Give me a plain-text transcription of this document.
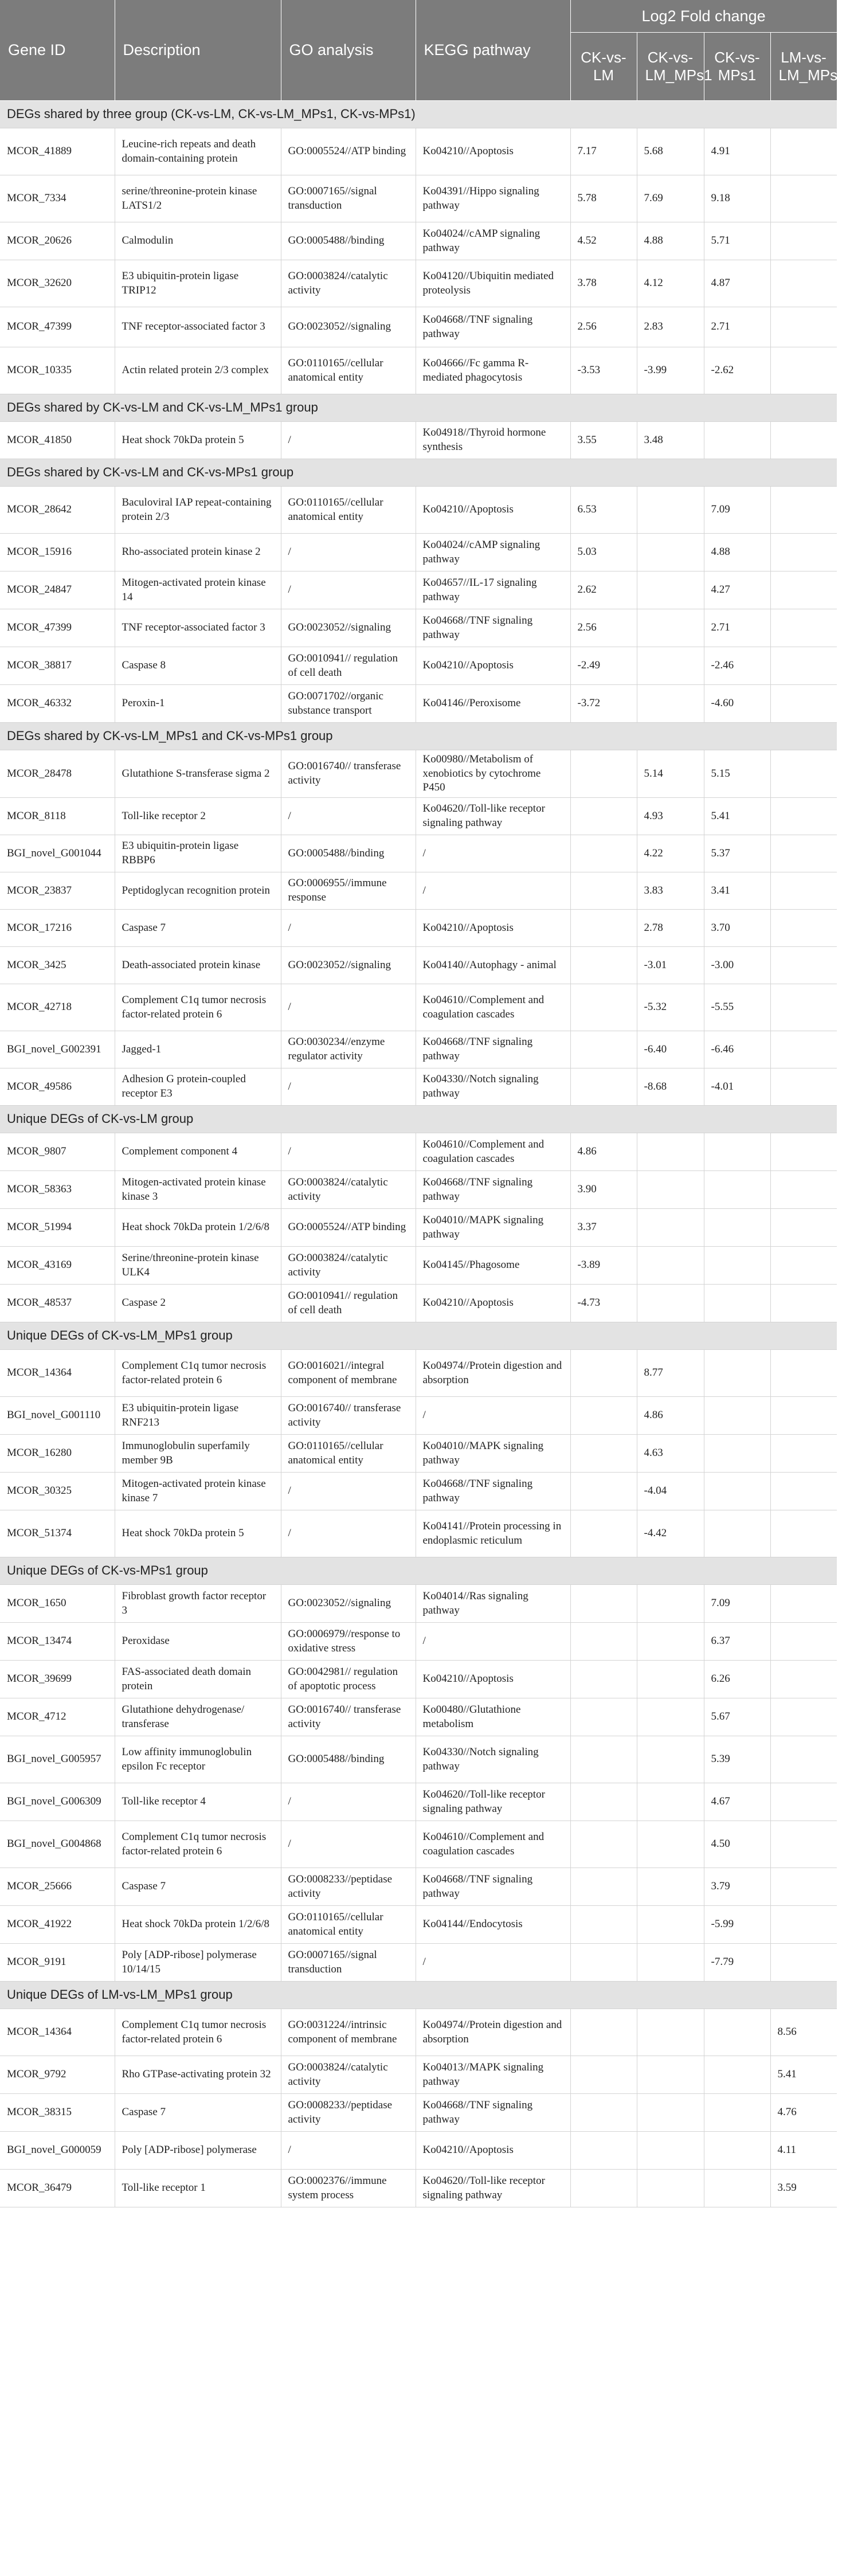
Gene ID	Description	GO analysis	KEGG pathway	Log2 Fold change			
				CK-vs-LM	CK-vs-LM_MPs1	CK-vs-MPs1	LM-vs-LM_MPs1
DEGs shared by three group (CK-vs-LM, CK-vs-LM_MPs1, CK-vs-MPs1)							
MCOR_41889	Leucine-rich repeats and death domain-containing protein	GO:0005524//ATP binding	Ko04210//Apoptosis	7.17	5.68	4.91	
MCOR_7334	serine/threonine-protein kinase LATS1/2	GO:0007165//signal transduction	Ko04391//Hippo signaling pathway	5.78	7.69	9.18	
MCOR_20626	Calmodulin	GO:0005488//binding	Ko04024//cAMP signaling pathway	4.52	4.88	5.71	
MCOR_32620	E3 ubiquitin-protein ligase TRIP12	GO:0003824//catalytic activity	Ko04120//Ubiquitin mediated proteolysis	3.78	4.12	4.87	
MCOR_47399	TNF receptor-associated factor 3	GO:0023052//signaling	Ko04668//TNF signaling pathway	2.56	2.83	2.71	
MCOR_10335	Actin related protein 2/3 complex	GO:0110165//cellular anatomical entity	Ko04666//Fc gamma R-mediated phagocytosis	-3.53	-3.99	-2.62	
DEGs shared by CK-vs-LM and CK-vs-LM_MPs1 group							
MCOR_41850	Heat shock 70kDa protein 5	/	Ko04918//Thyroid hormone synthesis	3.55	3.48		
DEGs shared by CK-vs-LM and CK-vs-MPs1 group							
MCOR_28642	Baculoviral IAP repeat-containing protein 2/3	GO:0110165//cellular anatomical entity	Ko04210//Apoptosis	6.53		7.09	
MCOR_15916	Rho-associated protein kinase 2	/	Ko04024//cAMP signaling pathway	5.03		4.88	
MCOR_24847	Mitogen-activated protein kinase 14	/	Ko04657//IL-17 signaling pathway	2.62		4.27	
MCOR_47399	TNF receptor-associated factor 3	GO:0023052//signaling	Ko04668//TNF signaling pathway	2.56		2.71	
MCOR_38817	Caspase 8	GO:0010941// regulation of cell death	Ko04210//Apoptosis	-2.49		-2.46	
MCOR_46332	Peroxin-1	GO:0071702//organic substance transport	Ko04146//Peroxisome	-3.72		-4.60	
DEGs shared by CK-vs-LM_MPs1 and CK-vs-MPs1 group							
MCOR_28478	Glutathione S-transferase sigma 2	GO:0016740// transferase activity	Ko00980//Metabolism of xenobiotics by cytochrome P450		5.14	5.15	
MCOR_8118	Toll-like receptor 2	/	Ko04620//Toll-like receptor signaling pathway		4.93	5.41	
BGI_novel_G001044	E3 ubiquitin-protein ligase RBBP6	GO:0005488//binding	/		4.22	5.37	
MCOR_23837	Peptidoglycan recognition protein	GO:0006955//immune response	/		3.83	3.41	
MCOR_17216	Caspase 7	/	Ko04210//Apoptosis		2.78	3.70	
MCOR_3425	Death-associated protein kinase	GO:0023052//signaling	Ko04140//Autophagy - animal		-3.01	-3.00	
MCOR_42718	Complement C1q tumor necrosis factor-related protein 6	/	Ko04610//Complement and coagulation cascades		-5.32	-5.55	
BGI_novel_G002391	Jagged-1	GO:0030234//enzyme regulator activity	Ko04668//TNF signaling pathway		-6.40	-6.46	
MCOR_49586	Adhesion G protein-coupled receptor E3	/	Ko04330//Notch signaling pathway		-8.68	-4.01	
Unique DEGs of CK-vs-LM group							
MCOR_9807	Complement component 4	/	Ko04610//Complement and coagulation cascades	4.86			
MCOR_58363	Mitogen-activated protein kinase kinase 3	GO:0003824//catalytic activity	Ko04668//TNF signaling pathway	3.90			
MCOR_51994	Heat shock 70kDa protein 1/2/6/8	GO:0005524//ATP binding	Ko04010//MAPK signaling pathway	3.37			
MCOR_43169	Serine/threonine-protein kinase ULK4	GO:0003824//catalytic activity	Ko04145//Phagosome	-3.89			
MCOR_48537	Caspase 2	GO:0010941// regulation of cell death	Ko04210//Apoptosis	-4.73			
Unique DEGs of CK-vs-LM_MPs1 group							
MCOR_14364	Complement C1q tumor necrosis factor-related protein 6	GO:0016021//integral component of membrane	Ko04974//Protein digestion and absorption		8.77		
BGI_novel_G001110	E3 ubiquitin-protein ligase RNF213	GO:0016740// transferase activity	/		4.86		
MCOR_16280	Immunoglobulin superfamily member 9B	GO:0110165//cellular anatomical entity	Ko04010//MAPK signaling pathway		4.63		
MCOR_30325	Mitogen-activated protein kinase kinase 7	/	Ko04668//TNF signaling pathway		-4.04		
MCOR_51374	Heat shock 70kDa protein 5	/	Ko04141//Protein processing in endoplasmic reticulum		-4.42		
Unique DEGs of CK-vs-MPs1 group							
MCOR_1650	Fibroblast growth factor receptor 3	GO:0023052//signaling	Ko04014//Ras signaling pathway			7.09	
MCOR_13474	Peroxidase	GO:0006979//response to oxidative stress	/			6.37	
MCOR_39699	FAS-associated death domain protein	GO:0042981// regulation of apoptotic process	Ko04210//Apoptosis			6.26	
MCOR_4712	Glutathione dehydrogenase/ transferase	GO:0016740// transferase activity	Ko00480//Glutathione metabolism			5.67	
BGI_novel_G005957	Low affinity immunoglobulin epsilon Fc receptor	GO:0005488//binding	Ko04330//Notch signaling pathway			5.39	
BGI_novel_G006309	Toll-like receptor 4	/	Ko04620//Toll-like receptor signaling pathway			4.67	
BGI_novel_G004868	Complement C1q tumor necrosis factor-related protein 6	/	Ko04610//Complement and coagulation cascades			4.50	
MCOR_25666	Caspase 7	GO:0008233//peptidase activity	Ko04668//TNF signaling pathway			3.79	
MCOR_41922	Heat shock 70kDa protein 1/2/6/8	GO:0110165//cellular anatomical entity	Ko04144//Endocytosis			-5.99	
MCOR_9191	Poly [ADP-ribose] polymerase 10/14/15	GO:0007165//signal transduction	/			-7.79	
Unique DEGs of LM-vs-LM_MPs1 group							
MCOR_14364	Complement C1q tumor necrosis factor-related protein 6	GO:0031224//intrinsic component of membrane	Ko04974//Protein digestion and absorption				8.56
MCOR_9792	Rho GTPase-activating protein 32	GO:0003824//catalytic activity	Ko04013//MAPK signaling pathway				5.41
MCOR_38315	Caspase 7	GO:0008233//peptidase activity	Ko04668//TNF signaling pathway				4.76
BGI_novel_G000059	Poly [ADP-ribose] polymerase	/	Ko04210//Apoptosis				4.11
MCOR_36479	Toll-like receptor 1	GO:0002376//immune system process	Ko04620//Toll-like receptor signaling pathway				3.59
